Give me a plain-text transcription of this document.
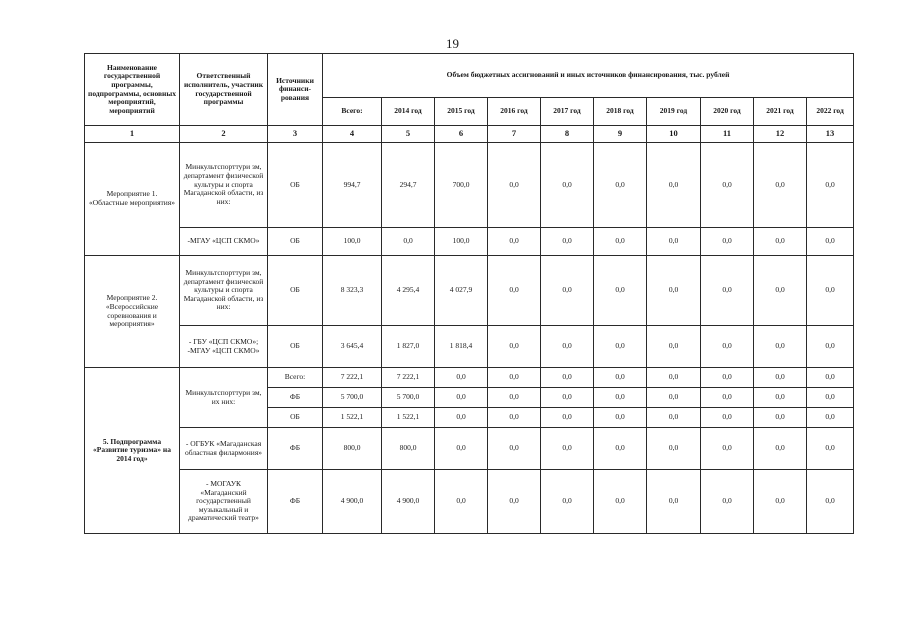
19
Наименование государственной программы, подпрограммы, основных мероприятий, мероприятий	Ответственный исполнитель, участник государственной программы	Источники финанси-рования	Объем бюджетных ассигнований и иных источников финансирования, тыс. рублей									
			Всего:	2014 год	2015 год	2016 год	2017 год	2018 год	2019 год	2020 год	2021 год	2022 год
1	2	3	4	5	6	7	8	9	10	11	12	13
Мероприятие 1. «Областные мероприятия»	Минкультспорттури зм, департамент физической культуры и спорта Магаданской области, из них:	ОБ	994,7	294,7	700,0	0,0	0,0	0,0	0,0	0,0	0,0	0,0
	-МГАУ «ЦСП СКМО»	ОБ	100,0	0,0	100,0	0,0	0,0	0,0	0,0	0,0	0,0	0,0
Мероприятие 2. «Всероссийские соревнования и мероприятия»	Минкультспорттури зм, департамент физической культуры и спорта Магаданской области, из них:	ОБ	8 323,3	4 295,4	4 027,9	0,0	0,0	0,0	0,0	0,0	0,0	0,0
	- ГБУ «ЦСП СКМО»; -МГАУ «ЦСП СКМО»	ОБ	3 645,4	1 827,0	1 818,4	0,0	0,0	0,0	0,0	0,0	0,0	0,0
5. Подпрограмма «Развитие туризма» на 2014 год»	Минкультспорттури зм, их них:	Всего:	7 222,1	7 222,1	0,0	0,0	0,0	0,0	0,0	0,0	0,0	0,0
		ФБ	5 700,0	5 700,0	0,0	0,0	0,0	0,0	0,0	0,0	0,0	0,0
		ОБ	1 522,1	1 522,1	0,0	0,0	0,0	0,0	0,0	0,0	0,0	0,0
	- ОГБУК «Магаданская областная филармония»	ФБ	800,0	800,0	0,0	0,0	0,0	0,0	0,0	0,0	0,0	0,0
	- МОГАУК «Магаданский государственный музыкальный и драматический театр»	ФБ	4 900,0	4 900,0	0,0	0,0	0,0	0,0	0,0	0,0	0,0	0,0
